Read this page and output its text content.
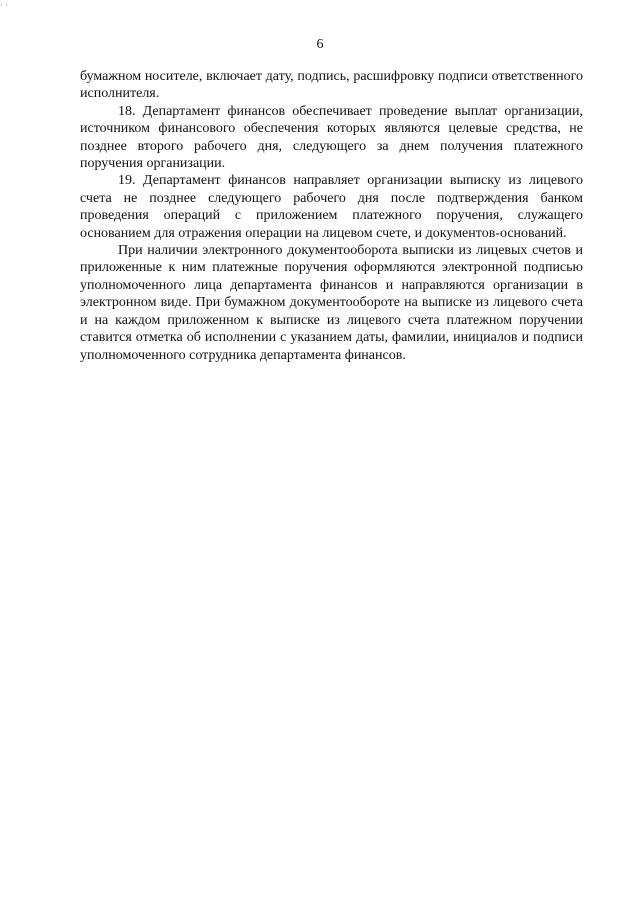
· ·
6

бумажном носителе, включает дату, подпись, расшифровку подписи ответственного исполнителя.

18. Департамент финансов обеспечивает проведение выплат организации, источником финансового обеспечения которых являются целевые средства, не позднее второго рабочего дня, следующего за днем получения платежного поручения организации.

19. Департамент финансов направляет организации выписку из лицевого счета не позднее следующего рабочего дня после подтверждения банком проведения операций с приложением платежного поручения, служащего основанием для отражения операции на лицевом счете, и документов-оснований.

При наличии электронного документооборота выписки из лицевых счетов и приложенные к ним платежные поручения оформляются электронной подписью уполномоченного лица департамента финансов и направляются организации в электронном виде. При бумажном документообороте на выписке из лицевого счета и на каждом приложенном к выписке из лицевого счета платежном поручении ставится отметка об исполнении с указанием даты, фамилии, инициалов и подписи уполномоченного сотрудника департамента финансов.
